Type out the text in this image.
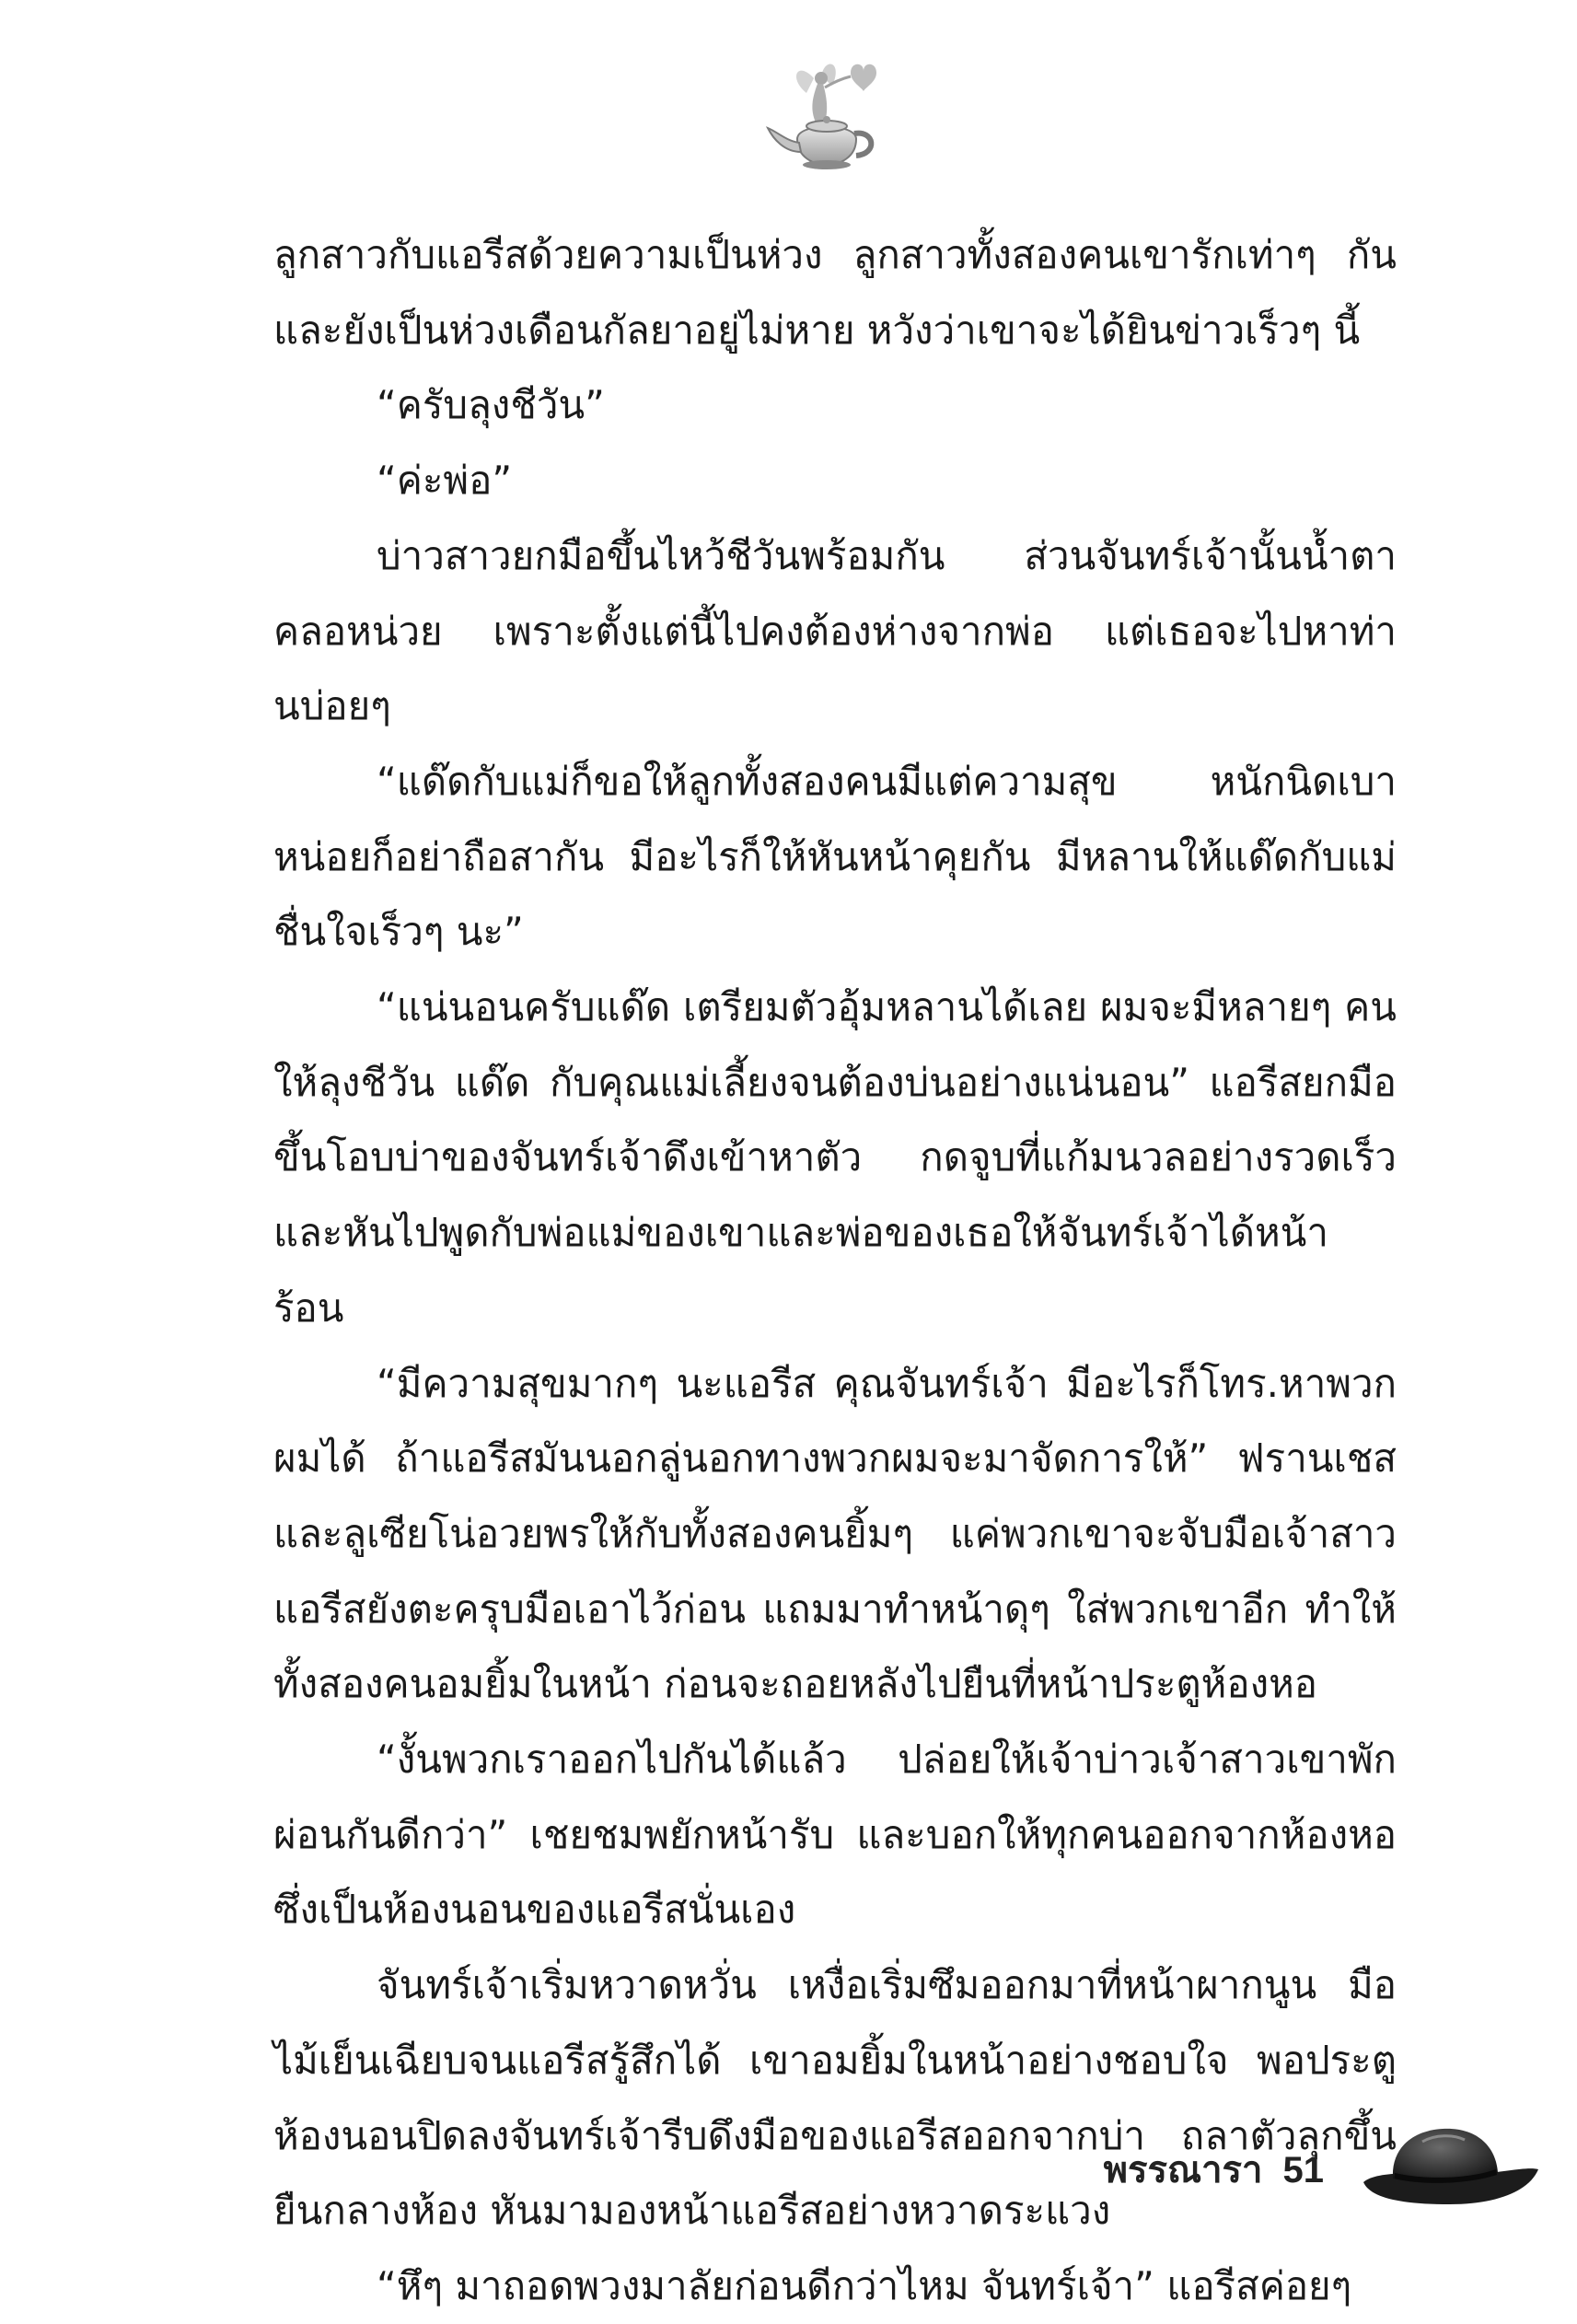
ลูกสาวกับแอรีสด้วยความเป็นห่วง ลูกสาวทั้งสองคนเขารักเท่าๆ กัน และยังเป็นห่วงเดือนกัลยาอยู่ไม่หาย หวังว่าเขาจะได้ยินข่าวเร็วๆ นี้

“ครับลุงชีวัน”

“ค่ะพ่อ”

บ่าวสาวยกมือขึ้นไหว้ชีวันพร้อมกัน ส่วนจันทร์เจ้านั้นน้ำตาคลอหน่วย เพราะตั้งแต่นี้ไปคงต้องห่างจากพ่อ แต่เธอจะไปหาท่านบ่อยๆ

“แด๊ดกับแม่ก็ขอให้ลูกทั้งสองคนมีแต่ความสุข หนักนิดเบาหน่อยก็อย่าถือสากัน มีอะไรก็ให้หันหน้าคุยกัน มีหลานให้แด๊ดกับแม่ชื่นใจเร็วๆ นะ”

“แน่นอนครับแด๊ด เตรียมตัวอุ้มหลานได้เลย ผมจะมีหลายๆ คนให้ลุงชีวัน แด๊ด กับคุณแม่เลี้ยงจนต้องบ่นอย่างแน่นอน” แอรีสยกมือขึ้นโอบบ่าของจันทร์เจ้าดึงเข้าหาตัว กดจูบที่แก้มนวลอย่างรวดเร็ว และหันไปพูดกับพ่อแม่ของเขาและพ่อของเธอให้จันทร์เจ้าได้หน้าร้อน

“มีความสุขมากๆ นะแอรีส คุณจันทร์เจ้า มีอะไรก็โทร.หาพวกผมได้ ถ้าแอรีสมันนอกลู่นอกทางพวกผมจะมาจัดการให้” ฟรานเชสและลูเซียโน่อวยพรให้กับทั้งสองคนยิ้มๆ แค่พวกเขาจะจับมือเจ้าสาว แอรีสยังตะครุบมือเอาไว้ก่อน แถมมาทำหน้าดุๆ ใส่พวกเขาอีก ทำให้ทั้งสองคนอมยิ้มในหน้า ก่อนจะถอยหลังไปยืนที่หน้าประตูห้องหอ

“งั้นพวกเราออกไปกันได้แล้ว ปล่อยให้เจ้าบ่าวเจ้าสาวเขาพักผ่อนกันดีกว่า” เชยชมพยักหน้ารับ และบอกให้ทุกคนออกจากห้องหอซึ่งเป็นห้องนอนของแอรีสนั่นเอง

จันทร์เจ้าเริ่มหวาดหวั่น เหงื่อเริ่มซึมออกมาที่หน้าผากนูน มือไม้เย็นเฉียบจนแอรีสรู้สึกได้ เขาอมยิ้มในหน้าอย่างชอบใจ พอประตูห้องนอนปิดลงจันทร์เจ้ารีบดึงมือของแอรีสออกจากบ่า ถลาตัวลุกขึ้นยืนกลางห้อง หันมามองหน้าแอรีสอย่างหวาดระแวง

“หึๆ มาถอดพวงมาลัยก่อนดีกว่าไหม จันทร์เจ้า” แอรีสค่อยๆ

พรรณารา 51
